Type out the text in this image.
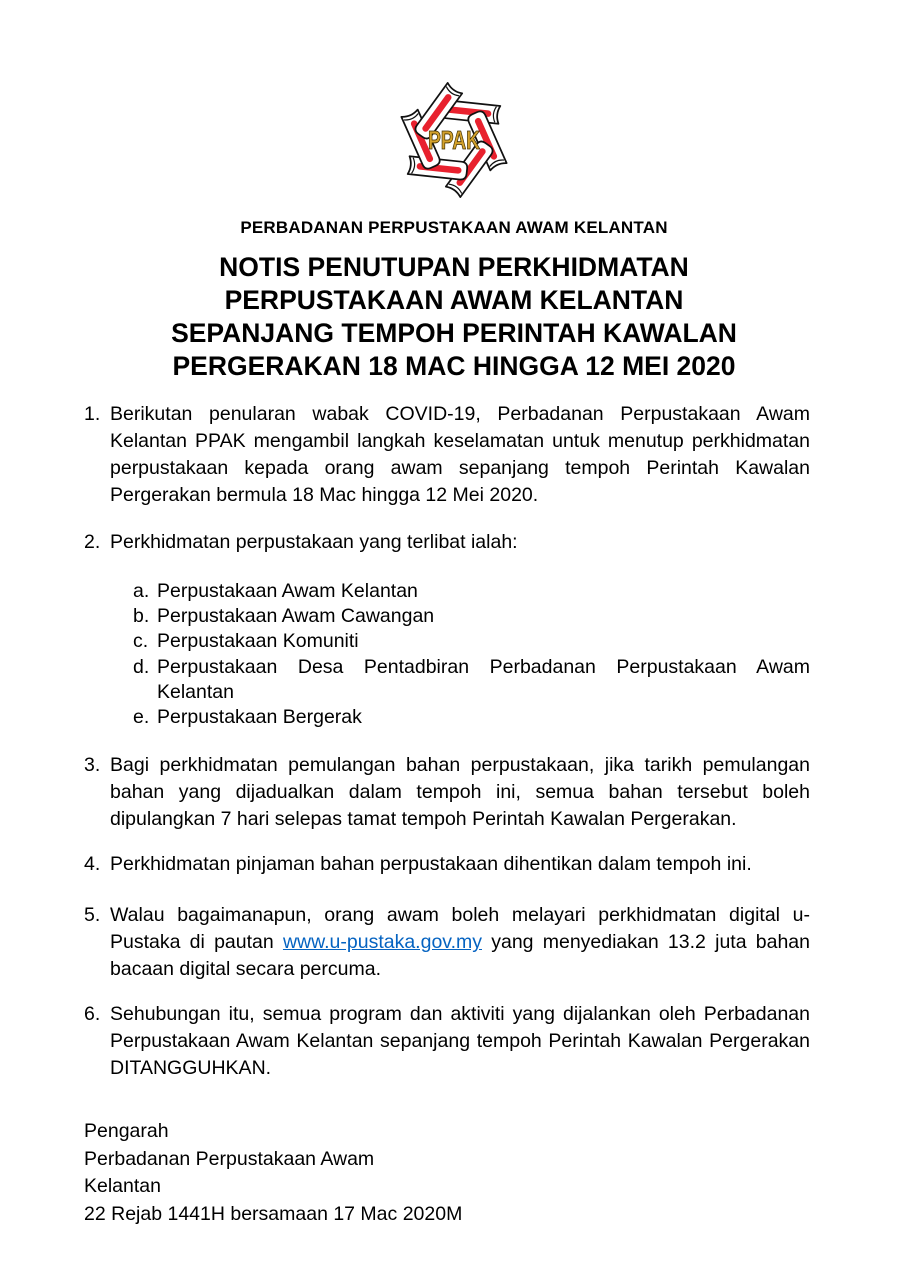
PPAK
PERBADANAN PERPUSTAKAAN AWAM KELANTAN
NOTIS PENUTUPAN PERKHIDMATAN
PERPUSTAKAAN AWAM KELANTAN
SEPANJANG TEMPOH PERINTAH KAWALAN
PERGERAKAN 18 MAC HINGGA 12 MEI 2020
1. Berikutan penularan wabak COVID-19, Perbadanan Perpustakaan Awam Kelantan PPAK mengambil langkah keselamatan untuk menutup perkhidmatan perpustakaan kepada orang awam sepanjang tempoh Perintah Kawalan Pergerakan bermula 18 Mac hingga 12 Mei 2020.
2. Perkhidmatan perpustakaan yang terlibat ialah:
a. Perpustakaan Awam Kelantan
b. Perpustakaan Awam Cawangan
c. Perpustakaan Komuniti
d. Perpustakaan Desa Pentadbiran Perbadanan Perpustakaan Awam Kelantan
e. Perpustakaan Bergerak
3. Bagi perkhidmatan pemulangan bahan perpustakaan, jika tarikh pemulangan bahan yang dijadualkan dalam tempoh ini, semua bahan tersebut boleh dipulangkan 7 hari selepas tamat tempoh Perintah Kawalan Pergerakan.
4. Perkhidmatan pinjaman bahan perpustakaan dihentikan dalam tempoh ini.
5. Walau bagaimanapun, orang awam boleh melayari perkhidmatan digital u-Pustaka di pautan www.u-pustaka.gov.my yang menyediakan 13.2 juta bahan bacaan digital secara percuma.
6. Sehubungan itu, semua program dan aktiviti yang dijalankan oleh Perbadanan Perpustakaan Awam Kelantan sepanjang tempoh Perintah Kawalan Pergerakan DITANGGUHKAN.
Pengarah
Perbadanan Perpustakaan Awam
Kelantan
22 Rejab 1441H bersamaan 17 Mac 2020M
